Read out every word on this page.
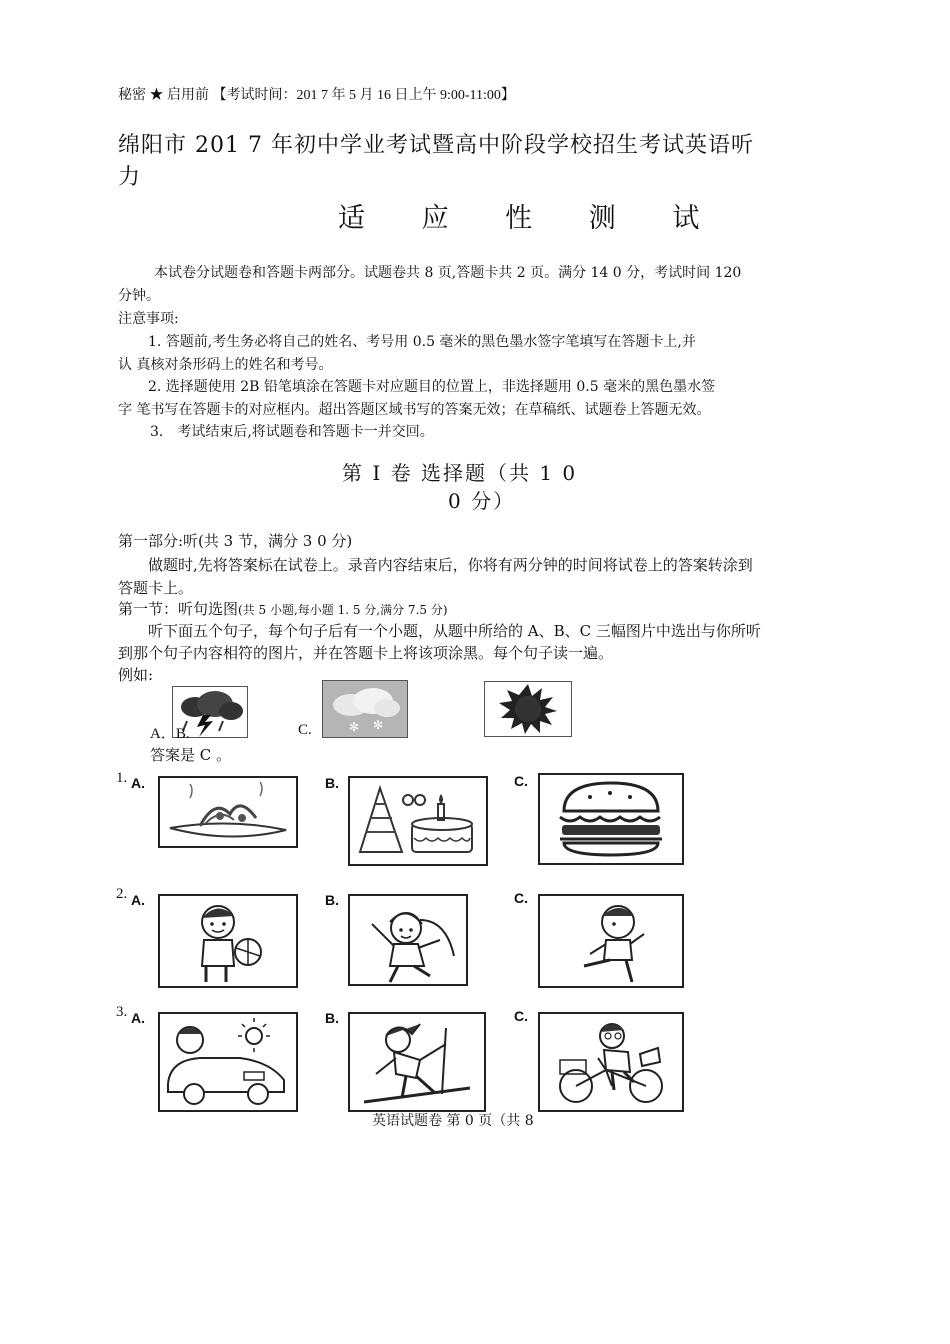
秘密 ★ 启用前 【考试时间：201 7 年 5 月 16 日上午 9:00-11:00】
绵阳市 201 7 年初中学业考试暨高中阶段学校招生考试英语听
力
适 应 性 测 试
本试卷分试题卷和答题卡两部分。试题卷共 8 页,答题卡共 2 页。满分 14 0 分，考试时间 120
分钟。
注意事项:
1. 答题前,考生务必将自己的姓名、考号用 0.5 毫米的黑色墨水签字笔填写在答题卡上,并
认 真核对条形码上的姓名和考号。
2. 选择题使用 2B 铅笔填涂在答题卡对应题目的位置上，非选择题用 0.5 毫米的黑色墨水签
字 笔书写在答题卡的对应框内。超出答题区域书写的答案无效；在草稿纸、试题卷上答题无效。
3． 考试结束后,将试题卷和答题卡一并交回。
第 I 卷 选择题（共 1 0
0 分）
第一部分:听(共 3 节，满分 3 0 分)
做题时,先将答案标在试卷上。录音内容结束后，你将有两分钟的时间将试卷上的答案转涂到
答题卡上。
第一节：听句选图(共 5 小题,每小题 1. 5 分,满分 7.5 分)
听下面五个句子，每个句子后有一个小题，从题中所给的 A、B、C 三幅图片中选出与你所听
到那个句子内容相符的图片，并在答题卡上将该项涂黑。每个句子读一遍。
例如:
✻ ✻
A．B.	C.
答案是 C 。
1. A.	B.	C.
2. A.	B.	C.
3. A.	B.	C.
英语试题卷 第 0 页（共 8
